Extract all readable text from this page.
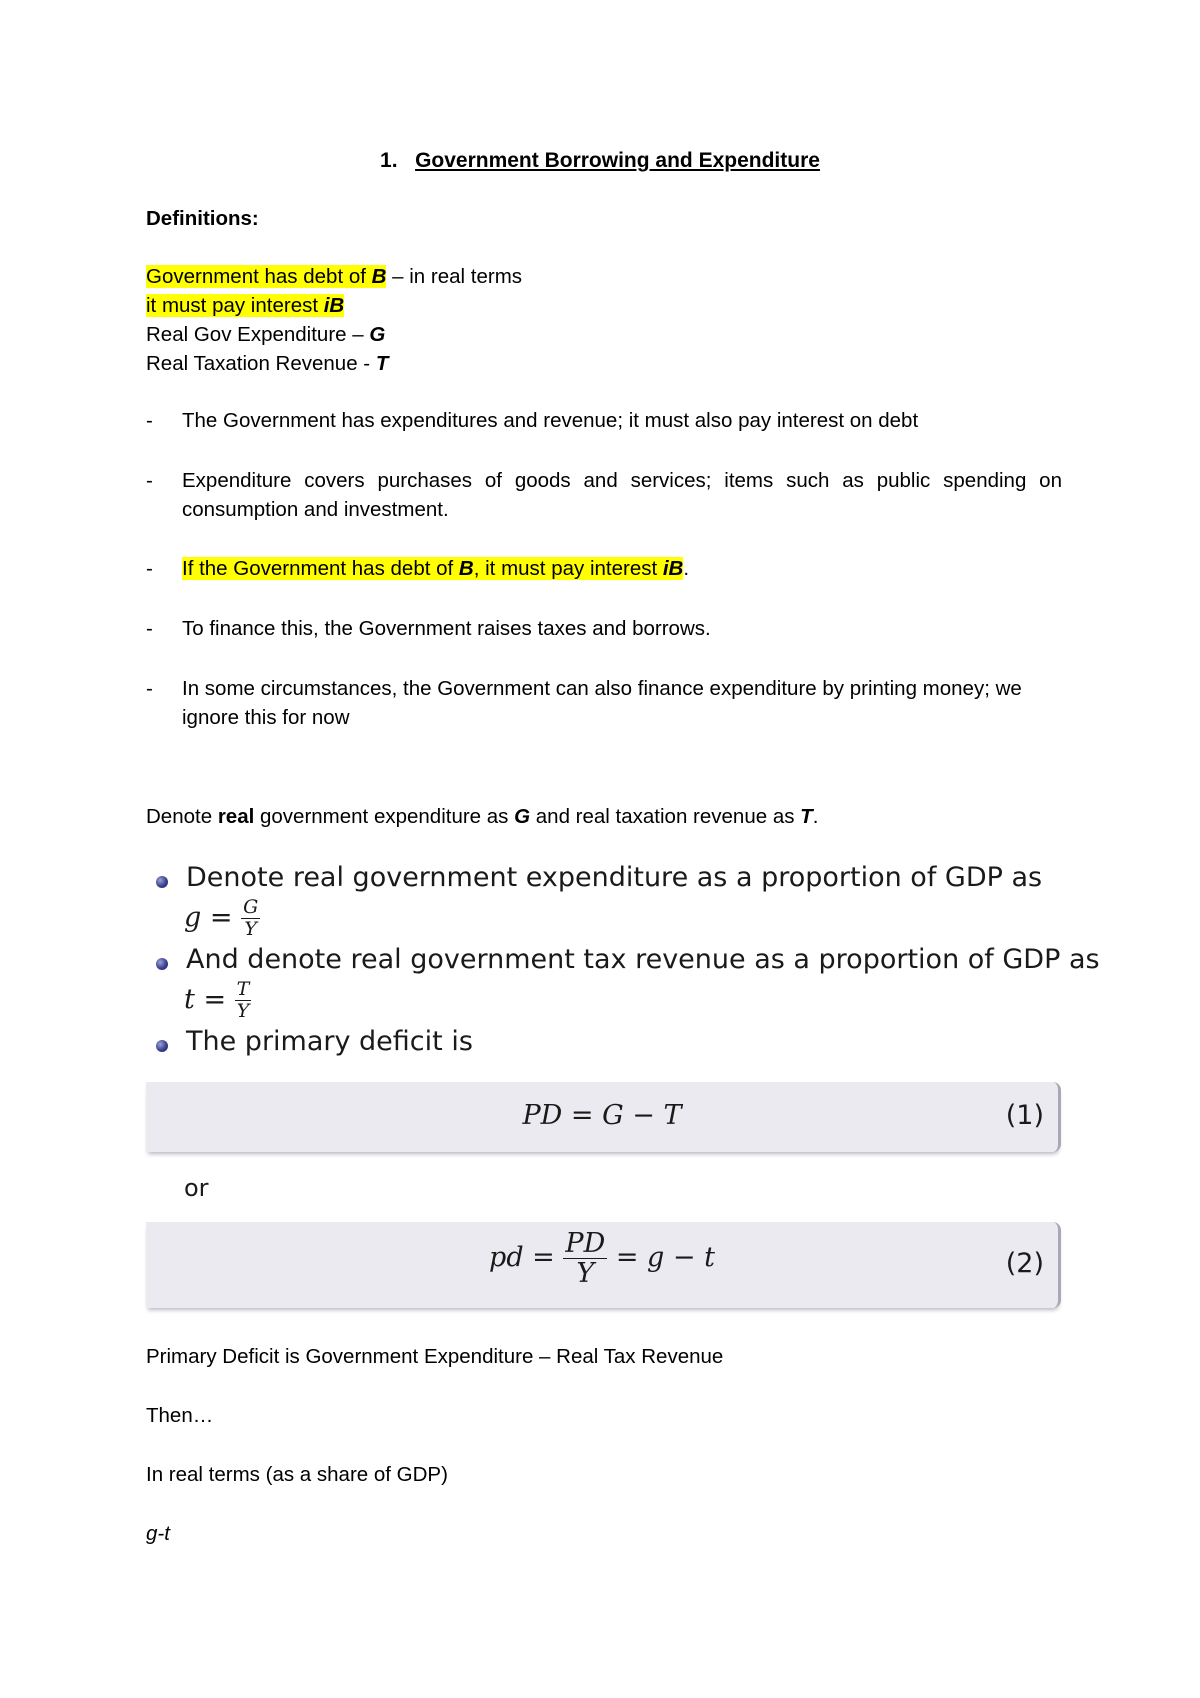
1. Government Borrowing and Expenditure
Definitions:
Government has debt of B – in real terms
it must pay interest iB
Real Gov Expenditure – G
Real Taxation Revenue - T
- The Government has expenditures and revenue; it must also pay interest on debt
- Expenditure covers purchases of goods and services; items such as public spending on consumption and investment.
- If the Government has debt of B, it must pay interest iB.
- To finance this, the Government raises taxes and borrows.
- In some circumstances, the Government can also finance expenditure by printing money; we ignore this for now
Denote real government expenditure as G and real taxation revenue as T.
Denote real government expenditure as a proportion of GDP as
$g = \frac{G}{Y}$
And denote real government tax revenue as a proportion of GDP as
$t = \frac{T}{Y}$
The primary deficit is
PD = G − T	(1)
or
pd = $\frac{PD}{Y} = g - t$	(2)
Primary Deficit is Government Expenditure – Real Tax Revenue
Then…
In real terms (as a share of GDP)
g-t
